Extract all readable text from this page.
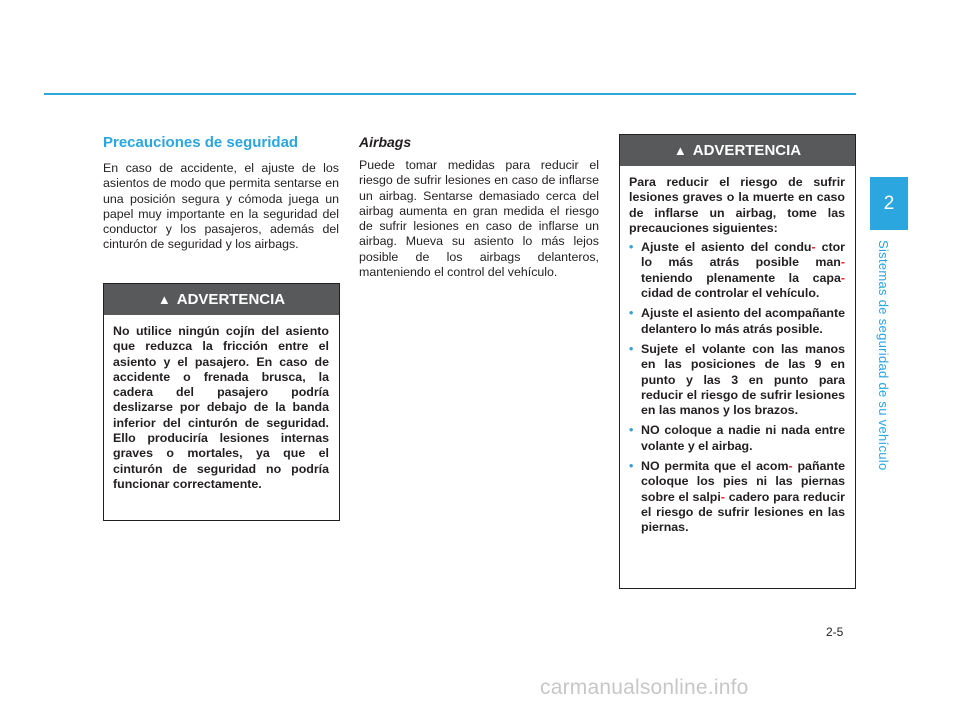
Precauciones de seguridad

En caso de accidente, el ajuste de los asientos de modo que permita sentarse en una posición segura y cómoda juega un papel muy importante en la seguridad del conductor y los pasajeros, además del cinturón de seguridad y los airbags.

▲ ADVERTENCIA

No utilice ningún cojín del asiento que reduzca la fricción entre el asiento y el pasajero. En caso de accidente o frenada brusca, la cadera del pasajero podría deslizarse por debajo de la banda inferior del cinturón de seguridad. Ello produciría lesiones internas graves o mortales, ya que el cinturón de seguridad no podría funcionar correctamente.

Airbags

Puede tomar medidas para reducir el riesgo de sufrir lesiones en caso de inflarse un airbag. Sentarse demasiado cerca del airbag aumenta en gran medida el riesgo de sufrir lesiones en caso de inflarse un airbag. Mueva su asiento lo más lejos posible de los airbags delanteros, manteniendo el control del vehículo.

▲ ADVERTENCIA

Para reducir el riesgo de sufrir lesiones graves o la muerte en caso de inflarse un airbag, tome las precauciones siguientes:

• Ajuste el asiento del condu- ctor lo más atrás posible man- teniendo plenamente la capa- cidad de controlar el vehículo.
• Ajuste el asiento del acompañante delantero lo más atrás posible.
• Sujete el volante con las manos en las posiciones de las 9 en punto y las 3 en punto para reducir el riesgo de sufrir lesiones en las manos y los brazos.
• NO coloque a nadie ni nada entre volante y el airbag.
• NO permita que el acom- pañante coloque los pies ni las piernas sobre el salpi- cadero para reducir el riesgo de sufrir lesiones en las piernas.
2
Sistemas de seguridad de su vehículo
2-5
carmanualsonline.info
